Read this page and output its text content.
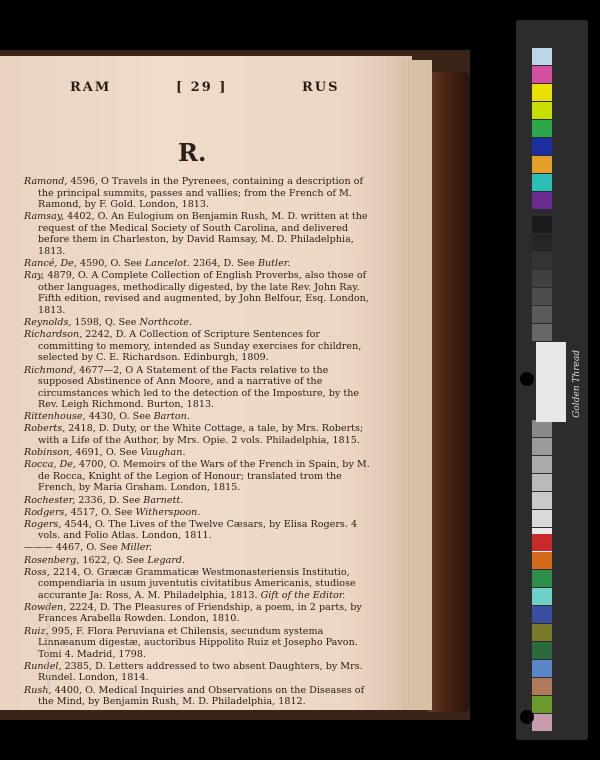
RAM	[ 29 ]	RUS
R.
Ramond, 4596, O Travels in the Pyrenees, containing a description of the principal summits, passes and vallies; from the French of M. Ramond, by F. Gold. London, 1813.
Ramsay, 4402, O. An Eulogium on Benjamin Rush, M. D. written at the request of the Medical Society of South Carolina, and delivered before them in Charleston, by David Ramsay, M. D. Philadelphia, 1813.
Rancé, De, 4590, O. See Lancelot. 2364, D. See Butler.
Ray, 4879, O. A Complete Collection of English Proverbs, also those of other languages, methodically digested, by the late Rev. John Ray. Fifth edition, revised and augmented, by John Belfour, Esq. London, 1813.
Reynolds, 1598, Q. See Northcote.
Richardson, 2242, D. A Collection of Scripture Sentences for committing to memory, intended as Sunday exercises for children, selected by C. E. Richardson. Edinburgh, 1809.
Richmond, 4677—2, O A Statement of the Facts relative to the supposed Abstinence of Ann Moore, and a narrative of the circumstances which led to the detection of the Imposture, by the Rev. Leigh Richmond. Burton, 1813.
Rittenhouse, 4430, O. See Barton.
Roberts, 2418, D. Duty, or the White Cottage, a tale, by Mrs. Roberts; with a Life of the Author, by Mrs. Opie. 2 vols. Philadelphia, 1815.
Robinson, 4691, O. See Vaughan.
Rocca, De, 4700, O. Memoirs of the Wars of the French in Spain, by M. de Rocca, Knight of the Legion of Honour; translated trom the French, by Maria Graham. London, 1815.
Rochester, 2336, D. See Barnett.
Rodgers, 4517, O. See Witherspoon.
Rogers, 4544, O. The Lives of the Twelve Cæsars, by Elisa Rogers. 4 vols. and Folio Atlas. London, 1811.
——— 4467, O. See Miller.
Rosenberg, 1622, Q. See Legard.
Ross, 2214, O. Græcæ Grammaticæ Westmonasteriensis Institutio, compendiaria in usum juventutis civitatibus Americanis, studiose accurante Ja: Ross, A. M. Philadelphia, 1813. Gift of the Editor.
Rowden, 2224, D. The Pleasures of Friendship, a poem, in 2 parts, by Frances Arabella Rowden. London, 1810.
Ruiz, 995, F. Flora Peruviana et Chilensis, secundum systema Linnæanum digestæ, auctoribus Hippolito Ruiz et Josepho Pavon. Tomi 4. Madrid, 1798.
Rundel, 2385, D. Letters addressed to two absent Daughters, by Mrs. Rundel. London, 1814.
Rush, 4400, O. Medical Inquiries and Observations on the Diseases of the Mind, by Benjamin Rush, M. D. Philadelphia, 1812.
Colors by Munsell Color Services Lab
Golden Thread
